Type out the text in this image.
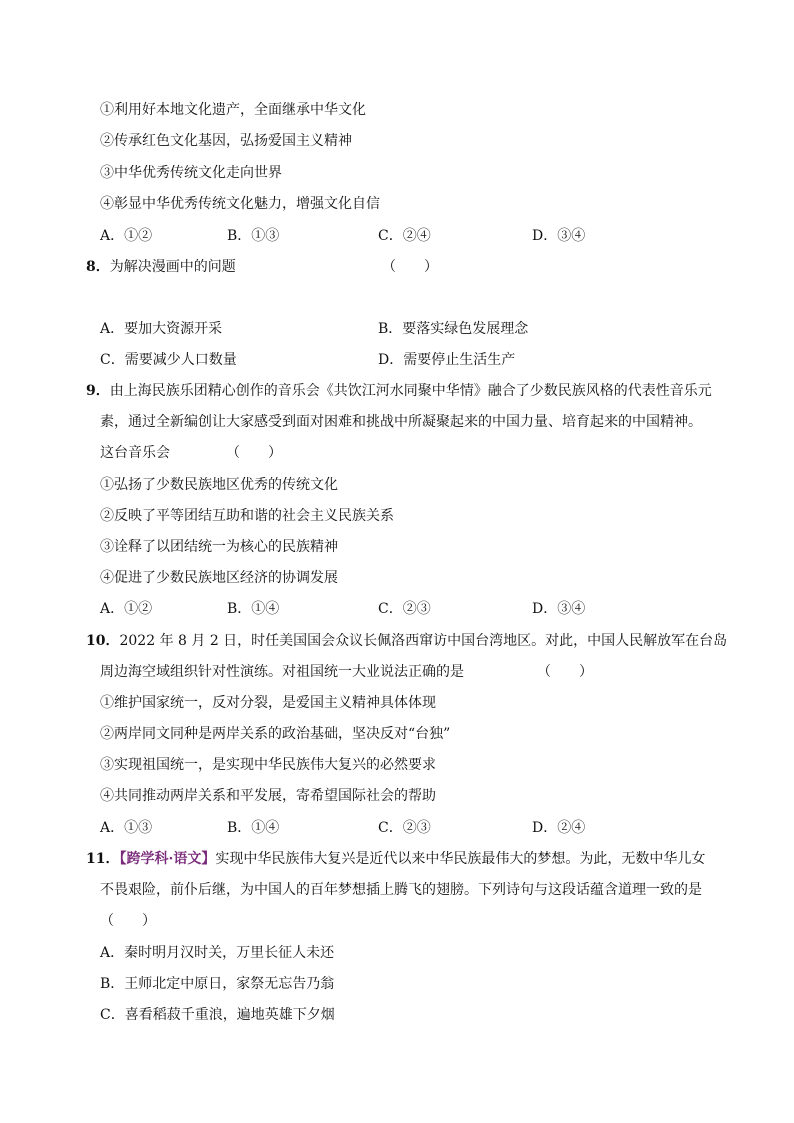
①利用好本地文化遗产，全面继承中华文化
②传承红色文化基因，弘扬爱国主义精神
③中华优秀传统文化走向世界
④彰显中华优秀传统文化魅力，增强文化自信
A．①②	B．①③	C．②④	D．③④
8．为解决漫画中的问题	（　　）
A．要加大资源开采	B．要落实绿色发展理念
C．需要减少人口数量	D．需要停止生活生产
9．由上海民族乐团精心创作的音乐会《共饮江河水同聚中华情》融合了少数民族风格的代表性音乐元
素，通过全新编创让大家感受到面对困难和挑战中所凝聚起来的中国力量、培育起来的中国精神。
这台音乐会	（　　）
①弘扬了少数民族地区优秀的传统文化
②反映了平等团结互助和谐的社会主义民族关系
③诠释了以团结统一为核心的民族精神
④促进了少数民族地区经济的协调发展
A．①②	B．①④	C．②③	D．③④
10．2022 年 8 月 2 日，时任美国国会众议长佩洛西窜访中国台湾地区。对此，中国人民解放军在台岛
周边海空域组织针对性演练。对祖国统一大业说法正确的是	（　　）
①维护国家统一，反对分裂，是爱国主义精神具体体现
②两岸同文同种是两岸关系的政治基础，坚决反对“台独”
③实现祖国统一，是实现中华民族伟大复兴的必然要求
④共同推动两岸关系和平发展，寄希望国际社会的帮助
A．①③	B．①④	C．②③	D．②④
11．【跨学科·语文】实现中华民族伟大复兴是近代以来中华民族最伟大的梦想。为此，无数中华儿女
不畏艰险，前仆后继，为中国人的百年梦想插上腾飞的翅膀。下列诗句与这段话蕴含道理一致的是
（　　）
A．秦时明月汉时关，万里长征人未还
B．王师北定中原日，家祭无忘告乃翁
C．喜看稻菽千重浪，遍地英雄下夕烟
